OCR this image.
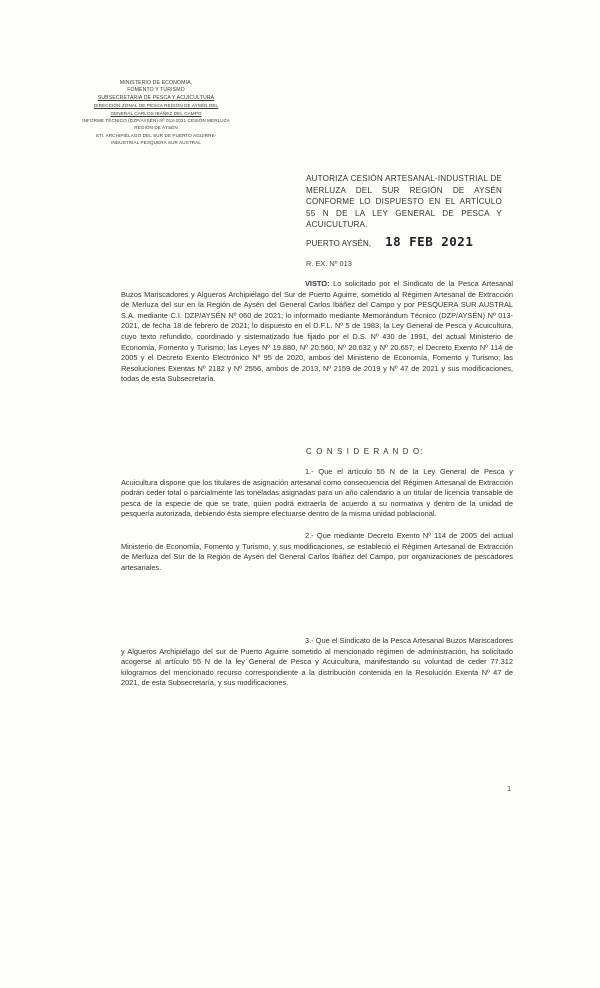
MINISTERIO DE ECONOMÍA,
FOMENTO Y TURISMO
SUBSECRETARÍA DE PESCA Y ACUICULTURA
DIRECCIÓN ZONAL DE PESCA REGIÓN DE AYSÉN DEL
GENERAL CARLOS IBÁÑEZ DEL CAMPO
INFORME TÉCNICO (DZP/AYSÉN) Nº 013-2021 CESIÓN MERLUZA
REGIÓN DE AYSÉN
STI. ARCHIPIÉLAGO DEL SUR DE PUERTO AGUIRRE-
INDUSTRIAL PESQUERA SUR AUSTRAL
AUTORIZA CESIÓN ARTESANAL-INDUSTRIAL DE MERLUZA DEL SUR REGIÓN DE AYSÉN CONFORME LO DISPUESTO EN EL ARTÍCULO 55 N DE LA LEY GENERAL DE PESCA Y ACUICULTURA.
PUERTO AYSÉN, 18 FEB 2021
R. EX. Nº 013
VISTO: Lo solicitado por el Sindicato de la Pesca Artesanal Buzos Mariscadores y Algueros Archipiélago del Sur de Puerto Aguirre, sometido al Régimen Artesanal de Extracción de Merluza del sur en la Región de Aysén del General Carlos Ibáñez del Campo y por PESQUERA SUR AUSTRAL S.A. mediante C.I. DZP/AYSÉN Nº 060 de 2021; lo informado mediante Memorándum Técnico (DZP/AYSÉN) Nº 013-2021, de fecha 18 de febrero de 2021; lo dispuesto en el D.F.L. Nº 5 de 1983; la Ley General de Pesca y Acuicultura, cuyo texto refundido, coordinado y sistematizado fue fijado por el D.S. Nº 430 de 1991, del actual Ministerio de Economía, Fomento y Turismo; las Leyes Nº 19.880, Nº 20.560, Nº 20.632 y Nº 20.657; el Decreto Exento Nº 114 de 2005 y el Decreto Exento Electrónico Nº 95 de 2020, ambos del Ministerio de Economía, Fomento y Turismo; las Resoluciones Exentas Nº 2182 y Nº 2556, ambos de 2013, Nº 2159 de 2019 y Nº 47 de 2021 y sus modificaciones, todas de esta Subsecretaría.
C O N S I D E R A N D O:
1.- Que el artículo 55 N de la Ley General de Pesca y Acuicultura dispone que los titulares de asignación artesanal como consecuencia del Régimen Artesanal de Extracción podrán ceder total o parcialmente las toneladas asignadas para un año calendario a un titular de licencia transable de pesca de la especie de que se trate, quien podrá extraerla de acuerdo a su normativa y dentro de la unidad de pesquería autorizada, debiendo ésta siempre efectuarse dentro de la misma unidad poblacional.
2.- Que mediante Decreto Exento Nº 114 de 2005 del actual Ministerio de Economía, Fomento y Turismo, y sus modificaciones, se estableció el Régimen Artesanal de Extracción de Merluza del Sur de la Región de Aysén del General Carlos Ibáñez del Campo, por organizaciones de pescadores artesanales.
3.- Que el Sindicato de la Pesca Artesanal Buzos Mariscadores y Algueros Archipiélago del sur de Puerto Aguirre sometido al mencionado régimen de administración, ha solicitado acogerse al artículo 55 N de la ley General de Pesca y Acuicultura, manifestando su voluntad de ceder 77.312 kilogramos del mencionado recurso correspondiente a la distribución contenida en la Resolución Exenta Nº 47 de 2021, de esta Subsecretaría, y sus modificaciones.
1
